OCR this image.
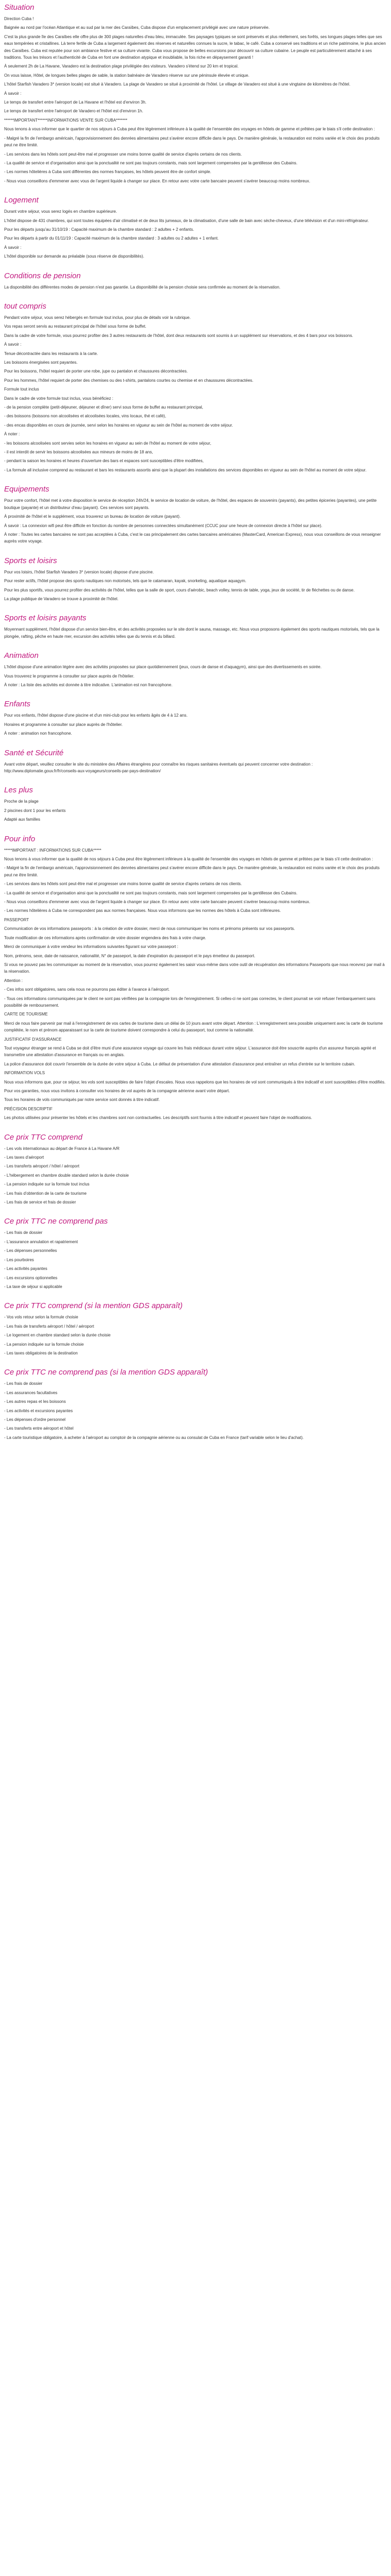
Situation
Direction Cuba !
Baignée au nord par l'océan Atlantique et au sud par la mer des Caraïbes, Cuba dispose d'un emplacement privilégié avec une nature préservée.
C'est la plus grande île des Caraïbes elle offre plus de 300 plages naturelles d'eau bleu, immaculée. Ses paysages typiques se sont préservés et plus réellement, ses forêts, ses longues plages telles que ses eaux tempérées et cristallines. Là terre fertile de Cuba a largement également des réserves et naturelles connues la sucre, le tabac, le café. Cuba a conservé ses traditions et un riche patrimoine, le plus ancien des Caraïbes. Cuba est reputée pour son ambiance festive et sa culture vivante. Cuba vous propose de belles excursions pour découvrir sa culture cubaine. Le peuple est particulièrement attaché à ses traditions. Tous les trésors et l'authenticité de Cuba en font une destination atypique et inoubliable, la fois riche en dépaysement garanti !
À seulement 2h de La Havane, Varadero est la destination plage privilégiée des visiteurs. Varadero s'étend sur 20 km et tropical.
On vous laisse, Hôtel, de longues belles plages de sable, la station balnéaire de Varadero réserve sur une péninsule élevée et unique.
L'hôtel Starfish Varadero 3* (version locale) est situé à Varadero. La plage de Varadero se situé à proximité de l'hôtel. Le village de Varadero est situé à une vingtaine de kilomètres de l'hôtel.
À savoir :
Le temps de transfert entre l'aéroport de La Havane et l'hôtel est d'environ 3h.
Le temps de transfert entre l'aéroport de Varadero et l'hôtel est d'environ 1h.
******IMPORTANT******INFORMATIONS VENTE SUR CUBA*******
Nous tenons à vous informer que le quartier de nos séjours à Cuba peut être légèrement inférieure à la qualité de l'ensemble des voyages en hôtels de gamme et prêtées par le biais s'il cette destination :
- Malgré la fin de l'embargo américain, l'approvisionnement des denrées alimentaires peut s'avérer encore difficile dans le pays. De manière générale, la restauration est moins variée et le choix des produits peut ne être limité.
- Les services dans les hôtels sont peut-être mal et progresser une moins bonne qualité de service d'après certains de nos clients.
- La qualité de service et d'organisation ainsi que la ponctualité ne sont pas toujours constants, mais sont largement compensées par la gentillesse des Cubains.
- Les normes hôtelières à Cuba sont différentes des normes françaises, les hôtels peuvent être de confort simple.
- Nous vous conseillons d'emmener avec vous de l'argent liquide à changer sur place. En retour avec votre carte bancaire peuvent s'avérer beaucoup moins nombreux.
Logement
Durant votre séjour, vous serez logés en chambre supérieure.
L'hôtel dispose de 431 chambres, qui sont toutes équipées d'air climatisé et de deux lits jumeaux, de la climatisation, d'une salle de bain avec sèche-cheveux, d'une télévision et d'un mini-réfrigérateur.
Pour les départs jusqu'au 31/10/19 : Capacité maximum de la chambre standard : 2 adultes + 2 enfants.
Pour les départs à partir du 01/11/19 : Capacité maximum de la chambre standard : 3 adultes ou 2 adultes + 1 enfant.
À savoir :
L'hôtel disponible sur demande au préalable (sous réserve de disponibilités).
Conditions de pension
La disponibilité des différentes modes de pension n'est pas garantie. La disponibilité de la pension choisie sera confirmée au moment de la réservation.
tout compris
Pendant votre séjour, vous serez hébergés en formule tout inclus, pour plus de détails voir la rubrique.
Vos repas seront servis au restaurant principal de l'hôtel sous forme de buffet.
Dans la cadre de votre formule, vous pourrez profiter des 3 autres restaurants de l'hôtel, dont deux restaurants sont soumis à un supplément sur réservations, et des 4 bars pour vos boissons.
À savoir :
Tenue décontractée dans les restaurants à la carte.
Les boissons énergisées sont payantes.
Pour les boissons, l'hôtel requiert de porter une robe, jupe ou pantalon et chaussures décontractées.
Pour les hommes, l'hôtel requiert de porter des chemises ou des t-shirts, pantalons courtes ou chemise et en chaussures décontractées.
Formule tout inclus
Dans le cadre de votre formule tout inclus, vous bénéficiez :
- de la pension complète (petit-déjeuner, déjeuner et dîner) servi sous forme de buffet au restaurant principal,
- des boissons (boissons non alcoolisées et alcoolisées locales, vins locaux, thé et café),
- des encas disponibles en cours de journée, servi selon les horaires en vigueur au sein de l'hôtel au moment de votre séjour.
À noter :
- les boissons alcoolisées sont servies selon les horaires en vigueur au sein de l'hôtel au moment de votre séjour,
- il est interdit de servir les boissons alcoolisées aux mineurs de moins de 18 ans,
- pendant la saison les horaires et heures d'ouverture des bars et espaces sont susceptibles d'être modifiées,
- La formule all inclusive comprend au restaurant et bars les restaurants assortis ainsi que la plupart des installations des services disponibles en vigueur au sein de l'hôtel au moment de votre séjour.
Equipements
Pour votre confort, l'hôtel met à votre disposition le service de réception 24h/24, le service de location de voiture, de l'hôtel, des espaces de souvenirs (payants), des petites épiceries (payantes), une petite boutique (payante) et un distributeur d'eau (payant). Ces services sont payants.
À proximité de l'hôtel et le supplément, vous trouverez un bureau de location de voiture (payant).
À savoir : La connexion wifi peut être difficile en fonction du nombre de personnes connectées simultanément (CCUC pour une heure de connexion directe à l'hôtel sur place).
À noter : Toutes les cartes bancaires ne sont pas acceptées à Cuba, c'est le cas principalement des cartes bancaires américaines (MasterCard, American Express), nous vous conseillons de vous renseigner auprès votre voyage.
Sports et loisirs
Pour vos loisirs, l'hôtel Starfish Varadero 3* (version locale) dispose d'une piscine.
Pour rester actifs, l'hôtel propose des sports nautiques non motorisés, tels que le catamaran, kayak, snorkeling, aquatique aquagym.
Pour les plus sportifs, vous pourrez profiter des activités de l'hôtel, telles que la salle de sport, cours d'aérobic, beach volley, tennis de table, yoga, jeux de société, tir de fléchettes ou de danse.
La plage publique de Varadero se trouve à proximité de l'hôtel.
Sports et loisirs payants
Moyennant supplément, l'hôtel dispose d'un service bien-être, et des activités proposées sur le site dont le sauna, massage, etc. Nous vous proposons également des sports nautiques motorisés, tels que la plongée, rafting, pêche en haute mer, excursion des activités telles que du tennis et du billard.
Animation
L'hôtel dispose d'une animation légère avec des activités proposées sur place quotidiennement (jeux, cours de danse et d'aquagym), ainsi que des divertissements en soirée.
Vous trouverez le programme à consulter sur place auprès de l'hôtelier.
À noter : La liste des activités est donnée à titre indicative. L'animation est non francophone.
Enfants
Pour vos enfants, l'hôtel dispose d'une piscine et d'un mini-club pour les enfants âgés de 4 à 12 ans.
Horaires et programme à consulter sur place auprès de l'hôtelier.
À noter : animation non francophone.
Santé et Sécurité
Avant votre départ, veuillez consulter le site du ministère des Affaires étrangères pour connaître les risques sanitaires éventuels qui peuvent concerner votre destination : http://www.diplomatie.gouv.fr/fr/conseils-aux-voyageurs/conseils-par-pays-destination/
Les plus
Proche de la plage
2 piscines dont 1 pour les enfants
Adapté aux familles
Pour info
*****IMPORTANT : INFORMATIONS SUR CUBA*****
Nous tenons à vous informer que la qualité de nos séjours à Cuba peut être légèrement inférieure à la qualité de l'ensemble des voyages en hôtels de gamme et prêtées par le biais s'il cette destination :
- Malgré la fin de l'embargo américain, l'approvisionnement des denrées alimentaires peut s'avérer encore difficile dans le pays. De manière générale, la restauration est moins variée et le choix des produits peut ne être limité.
- Les services dans les hôtels sont peut-être mal et progresser une moins bonne qualité de service d'après certains de nos clients.
- La qualité de service et d'organisation ainsi que la ponctualité ne sont pas toujours constants, mais sont largement compensées par la gentillesse des Cubains.
- Nous vous conseillons d'emmener avec vous de l'argent liquide à changer sur place. En retour avec votre carte bancaire peuvent s'avérer beaucoup moins nombreux.
- Les normes hôtelières à Cuba ne correspondent pas aux normes françaises. Nous vous informons que les normes des hôtels à Cuba sont inférieures.
PASSEPORT
Communication de vos informations passeports : à la création de votre dossier, merci de nous communiquer les noms et prénoms présents sur vos passeports.
Toute modification de ces informations après confirmation de votre dossier engendera des frais à votre charge.
Merci de communiquer à votre vendeur les informations suivantes figurant sur votre passeport :
Nom, prénoms, sexe, date de naissance, nationalité, N° de passeport, la date d'expiration du passeport et le pays émetteur du passeport.
Si vous ne pouvez pas les communiquer au moment de la réservation, vous pourrez également les saisir vous-même dans votre outil de récupération des informations Passeports que nous recevrez par mail à la réservation.
Attention :
- Ces infos sont obligatoires, sans cela nous ne pourrons pas éditer à l'avance à l'aéroport.
- Tous ces informations communiquées par le client ne sont pas vérifiées par la compagnie lors de l'enregistrement. Si celles-ci ne sont pas correctes, le client pourrait se voir refuser l'embarquement sans possibilité de remboursement.
CARTE DE TOURISME
Merci de nous faire parvenir par mail à l'enregistrement de vos cartes de tourisme dans un délai de 10 jours avant votre départ. Attention : L'enregistrement sera possible uniquement avec la carte de tourisme complétée, le nom et prénom apparaissant sur la carte de tourisme doivent correspondre à celui du passeport, tout comme la nationalité.
JUSTIFICATIF D'ASSURANCE
Tout voyageur étranger se rend à Cuba se doit d'être muni d'une assurance voyage qui couvre les frais médicaux durant votre séjour. L'assurance doit être souscrite auprès d'un assureur français agréé et transmettre une attestation d'assurance en français ou en anglais.
La police d'assurance doit couvrir l'ensemble de la durée de votre séjour à Cuba. Le défaut de présentation d'une attestation d'assurance peut entraîner un refus d'entrée sur le territoire cubain.
INFORMATION VOLS
Nous vous informons que, pour ce séjour, les vols sont susceptibles de faire l'objet d'escales. Nous vous rappelons que les horaires de vol sont communiqués à titre indicatif et sont susceptibles d'être modifiés.
Pour vos garanties, nous vous invitons à consulter vos horaires de vol auprès de la compagnie aérienne avant votre départ.
Tous les horaires de vols communiqués par notre service sont donnés à titre indicatif.
PRÉCISION DESCRIPTIF
Les photos utilisées pour présenter les hôtels et les chambres sont non contractuelles. Les descriptifs sont fournis à titre indicatif et peuvent faire l'objet de modifications.
Ce prix TTC comprend
- Les vols internationaux au départ de France à La Havane A/R
- Les taxes d'aéroport
- Les transferts aéroport / hôtel / aéroport
- L'hébergement en chambre double standard selon la durée choisie
- La pension indiquée sur la formule tout inclus
- Les frais d'obtention de la carte de tourisme
- Les frais de service et frais de dossier
Ce prix TTC ne comprend pas
- Les frais de dossier
- L'assurance annulation et rapatriement
- Les dépenses personnelles
- Les pourboires
- Les activités payantes
- Les excursions optionnelles
- La taxe de séjour si applicable
Ce prix TTC comprend (si la mention GDS apparaît)
- Vos vols retour selon la formule choisie
- Les frais de transferts aéroport / hôtel / aéroport
- Le logement en chambre standard selon la durée choisie
- La pension indiquée sur la formule choisie
- Les taxes obligatoires de la destination
Ce prix TTC ne comprend pas (si la mention GDS apparaît)
- Les frais de dossier
- Les assurances facultatives
- Les autres repas et les boissons
- Les activités et excursions payantes
- Les dépenses d'ordre personnel
- Les transferts entre aéroport et hôtel
- La carte touristique obligatoire, à acheter à l'aéroport au comptoir de la compagnie aérienne ou au consulat de Cuba en France (tarif variable selon le lieu d'achat).
